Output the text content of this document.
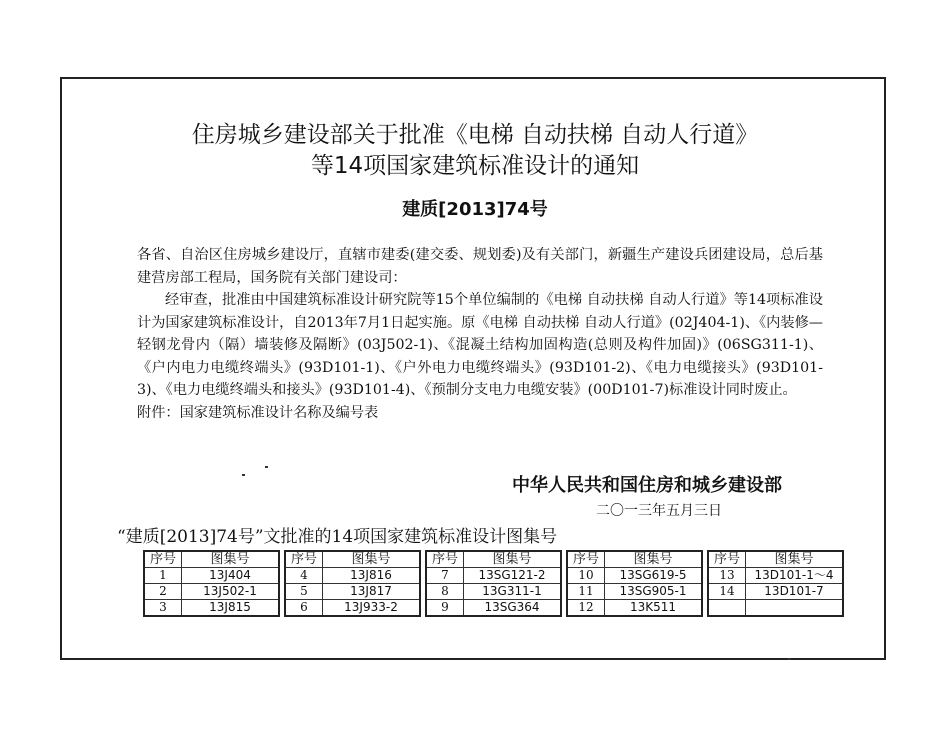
住房城乡建设部关于批准《电梯 自动扶梯 自动人行道》
等14项国家建筑标准设计的通知
建质[2013]74号

各省、自治区住房城乡建设厅，直辖市建委(建交委、规划委)及有关部门，新疆生产建设兵团建设局，总后基建营房部工程局，国务院有关部门建设司：

经审查，批准由中国建筑标准设计研究院等15个单位编制的《电梯 自动扶梯 自动人行道》等14项标准设计为国家建筑标准设计，自2013年7月1日起实施。原《电梯 自动扶梯 自动人行道》(02J404-1)、《内装修—轻钢龙骨内（隔）墙装修及隔断》(03J502-1)、《混凝土结构加固构造(总则及构件加固)》(06SG311-1)、《户内电力电缆终端头》(93D101-1)、《户外电力电缆终端头》(93D101-2)、《电力电缆接头》(93D101-3)、《电力电缆终端头和接头》(93D101-4)、《预制分支电力电缆安装》(00D101-7)标准设计同时废止。

附件：国家建筑标准设计名称及编号表

中华人民共和国住房和城乡建设部
二〇一三年五月三日
“建质[2013]74号”文批准的14项国家建筑标准设计图集号
序号	图集号
1	13J404
2	13J502-1
3	13J815
序号	图集号
4	13J816
5	13J817
6	13J933-2
序号	图集号
7	13SG121-2
8	13G311-1
9	13SG364
序号	图集号
10	13SG619-5
11	13SG905-1
12	13K511
序号	图集号
13	13D101-1～4
14	13D101-7
